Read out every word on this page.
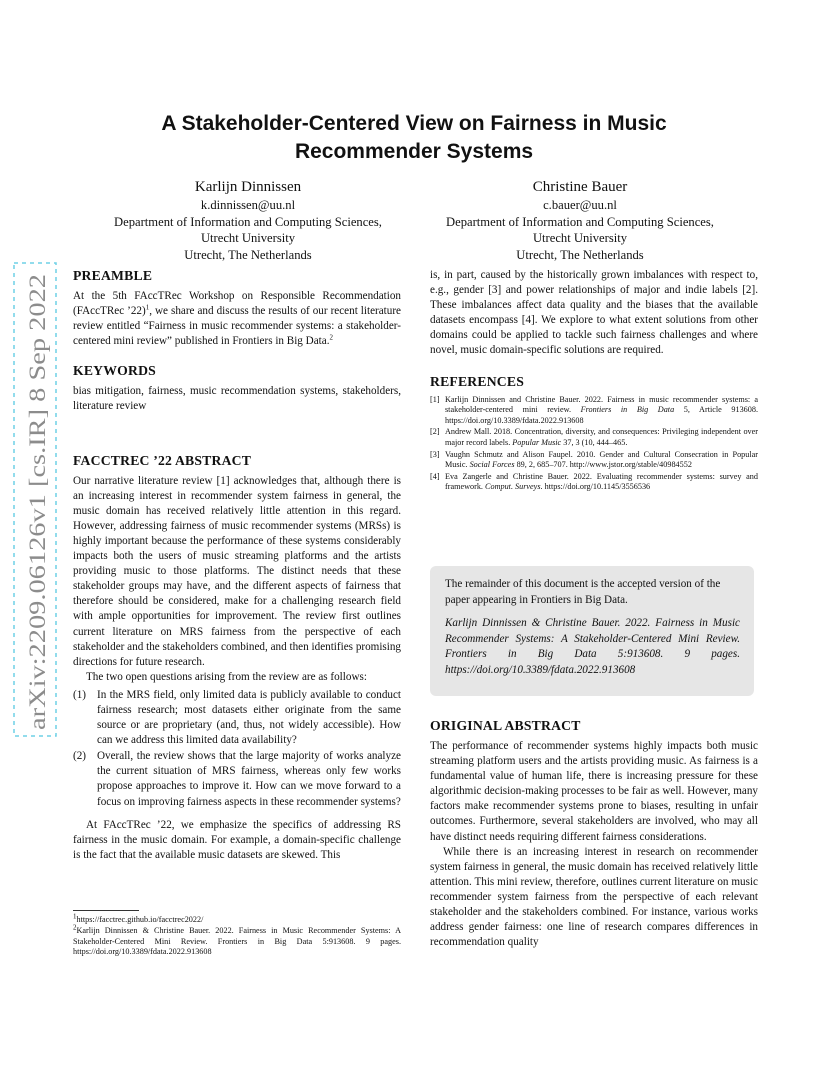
A Stakeholder-Centered View on Fairness in Music Recommender Systems
Karlijn Dinnissen
k.dinnissen@uu.nl
Department of Information and Computing Sciences,
Utrecht University
Utrecht, The Netherlands
Christine Bauer
c.bauer@uu.nl
Department of Information and Computing Sciences,
Utrecht University
Utrecht, The Netherlands
arXiv:2209.06126v1 [cs.IR] 8 Sep 2022
PREAMBLE

At the 5th FAccTRec Workshop on Responsible Recommendation (FAccTRec ’22)$^1$, we share and discuss the results of our recent literature review entitled “Fairness in music recommender systems: a stakeholder-centered mini review” published in Frontiers in Big Data.$^2$

KEYWORDS

bias mitigation, fairness, music recommendation systems, stakeholders, literature review

FACCTREC ’22 ABSTRACT

Our narrative literature review [1] acknowledges that, although there is an increasing interest in recommender system fairness in general, the music domain has received relatively little attention in this regard. However, addressing fairness of music recommender systems (MRSs) is highly important because the performance of these systems considerably impacts both the users of music streaming platforms and the artists providing music to those platforms. The distinct needs that these stakeholder groups may have, and the different aspects of fairness that therefore should be considered, make for a challenging research field with ample opportunities for improvement. The review first outlines current literature on MRS fairness from the perspective of each stakeholder and the stakeholders combined, and then identifies promising directions for future research.

The two open questions arising from the review are as follows:

(1) In the MRS field, only limited data is publicly available to conduct fairness research; most datasets either originate from the same source or are proprietary (and, thus, not widely accessible). How can we address this limited data availability?
(2) Overall, the review shows that the large majority of works analyze the current situation of MRS fairness, whereas only few works propose approaches to improve it. How can we move forward to a focus on improving fairness aspects in these recommender systems?

At FAccTRec ’22, we emphasize the specifics of addressing RS fairness in the music domain. For example, a domain-specific challenge is the fact that the available music datasets are skewed. This

$^1$https://facctrec.github.io/facctrec2022/

$^2$Karlijn Dinnissen & Christine Bauer. 2022. Fairness in Music Recommender Systems: A Stakeholder-Centered Mini Review. Frontiers in Big Data 5:913608. 9 pages. https://doi.org/10.3389/fdata.2022.913608

is, in part, caused by the historically grown imbalances with respect to, e.g., gender [3] and power relationships of major and indie labels [2]. These imbalances affect data quality and the biases that the available datasets encompass [4]. We explore to what extent solutions from other domains could be applied to tackle such fairness challenges and where novel, music domain-specific solutions are required.

REFERENCES
[1] Karlijn Dinnissen and Christine Bauer. 2022. Fairness in music recommender systems: a stakeholder-centered mini review. Frontiers in Big Data 5, Article 913608. https://doi.org/10.3389/fdata.2022.913608
[2] Andrew Mall. 2018. Concentration, diversity, and consequences: Privileging independent over major record labels. Popular Music 37, 3 (10, 444–465.
[3] Vaughn Schmutz and Alison Faupel. 2010. Gender and Cultural Consecration in Popular Music. Social Forces 89, 2, 685–707. http://www.jstor.org/stable/40984552
[4] Eva Zangerle and Christine Bauer. 2022. Evaluating recommender systems: survey and framework. Comput. Surveys. https://doi.org/10.1145/3556536

The remainder of this document is the accepted version of the paper appearing in Frontiers in Big Data.

Karlijn Dinnissen & Christine Bauer. 2022. Fairness in Music Recommender Systems: A Stakeholder-Centered Mini Review. Frontiers in Big Data 5:913608. 9 pages. https://doi.org/10.3389/fdata.2022.913608

ORIGINAL ABSTRACT

The performance of recommender systems highly impacts both music streaming platform users and the artists providing music. As fairness is a fundamental value of human life, there is increasing pressure for these algorithmic decision-making processes to be fair as well. However, many factors make recommender systems prone to biases, resulting in unfair outcomes. Furthermore, several stakeholders are involved, who may all have distinct needs requiring different fairness considerations.

While there is an increasing interest in research on recommender system fairness in general, the music domain has received relatively little attention. This mini review, therefore, outlines current literature on music recommender system fairness from the perspective of each relevant stakeholder and the stakeholders combined. For instance, various works address gender fairness: one line of research compares differences in recommendation quality
